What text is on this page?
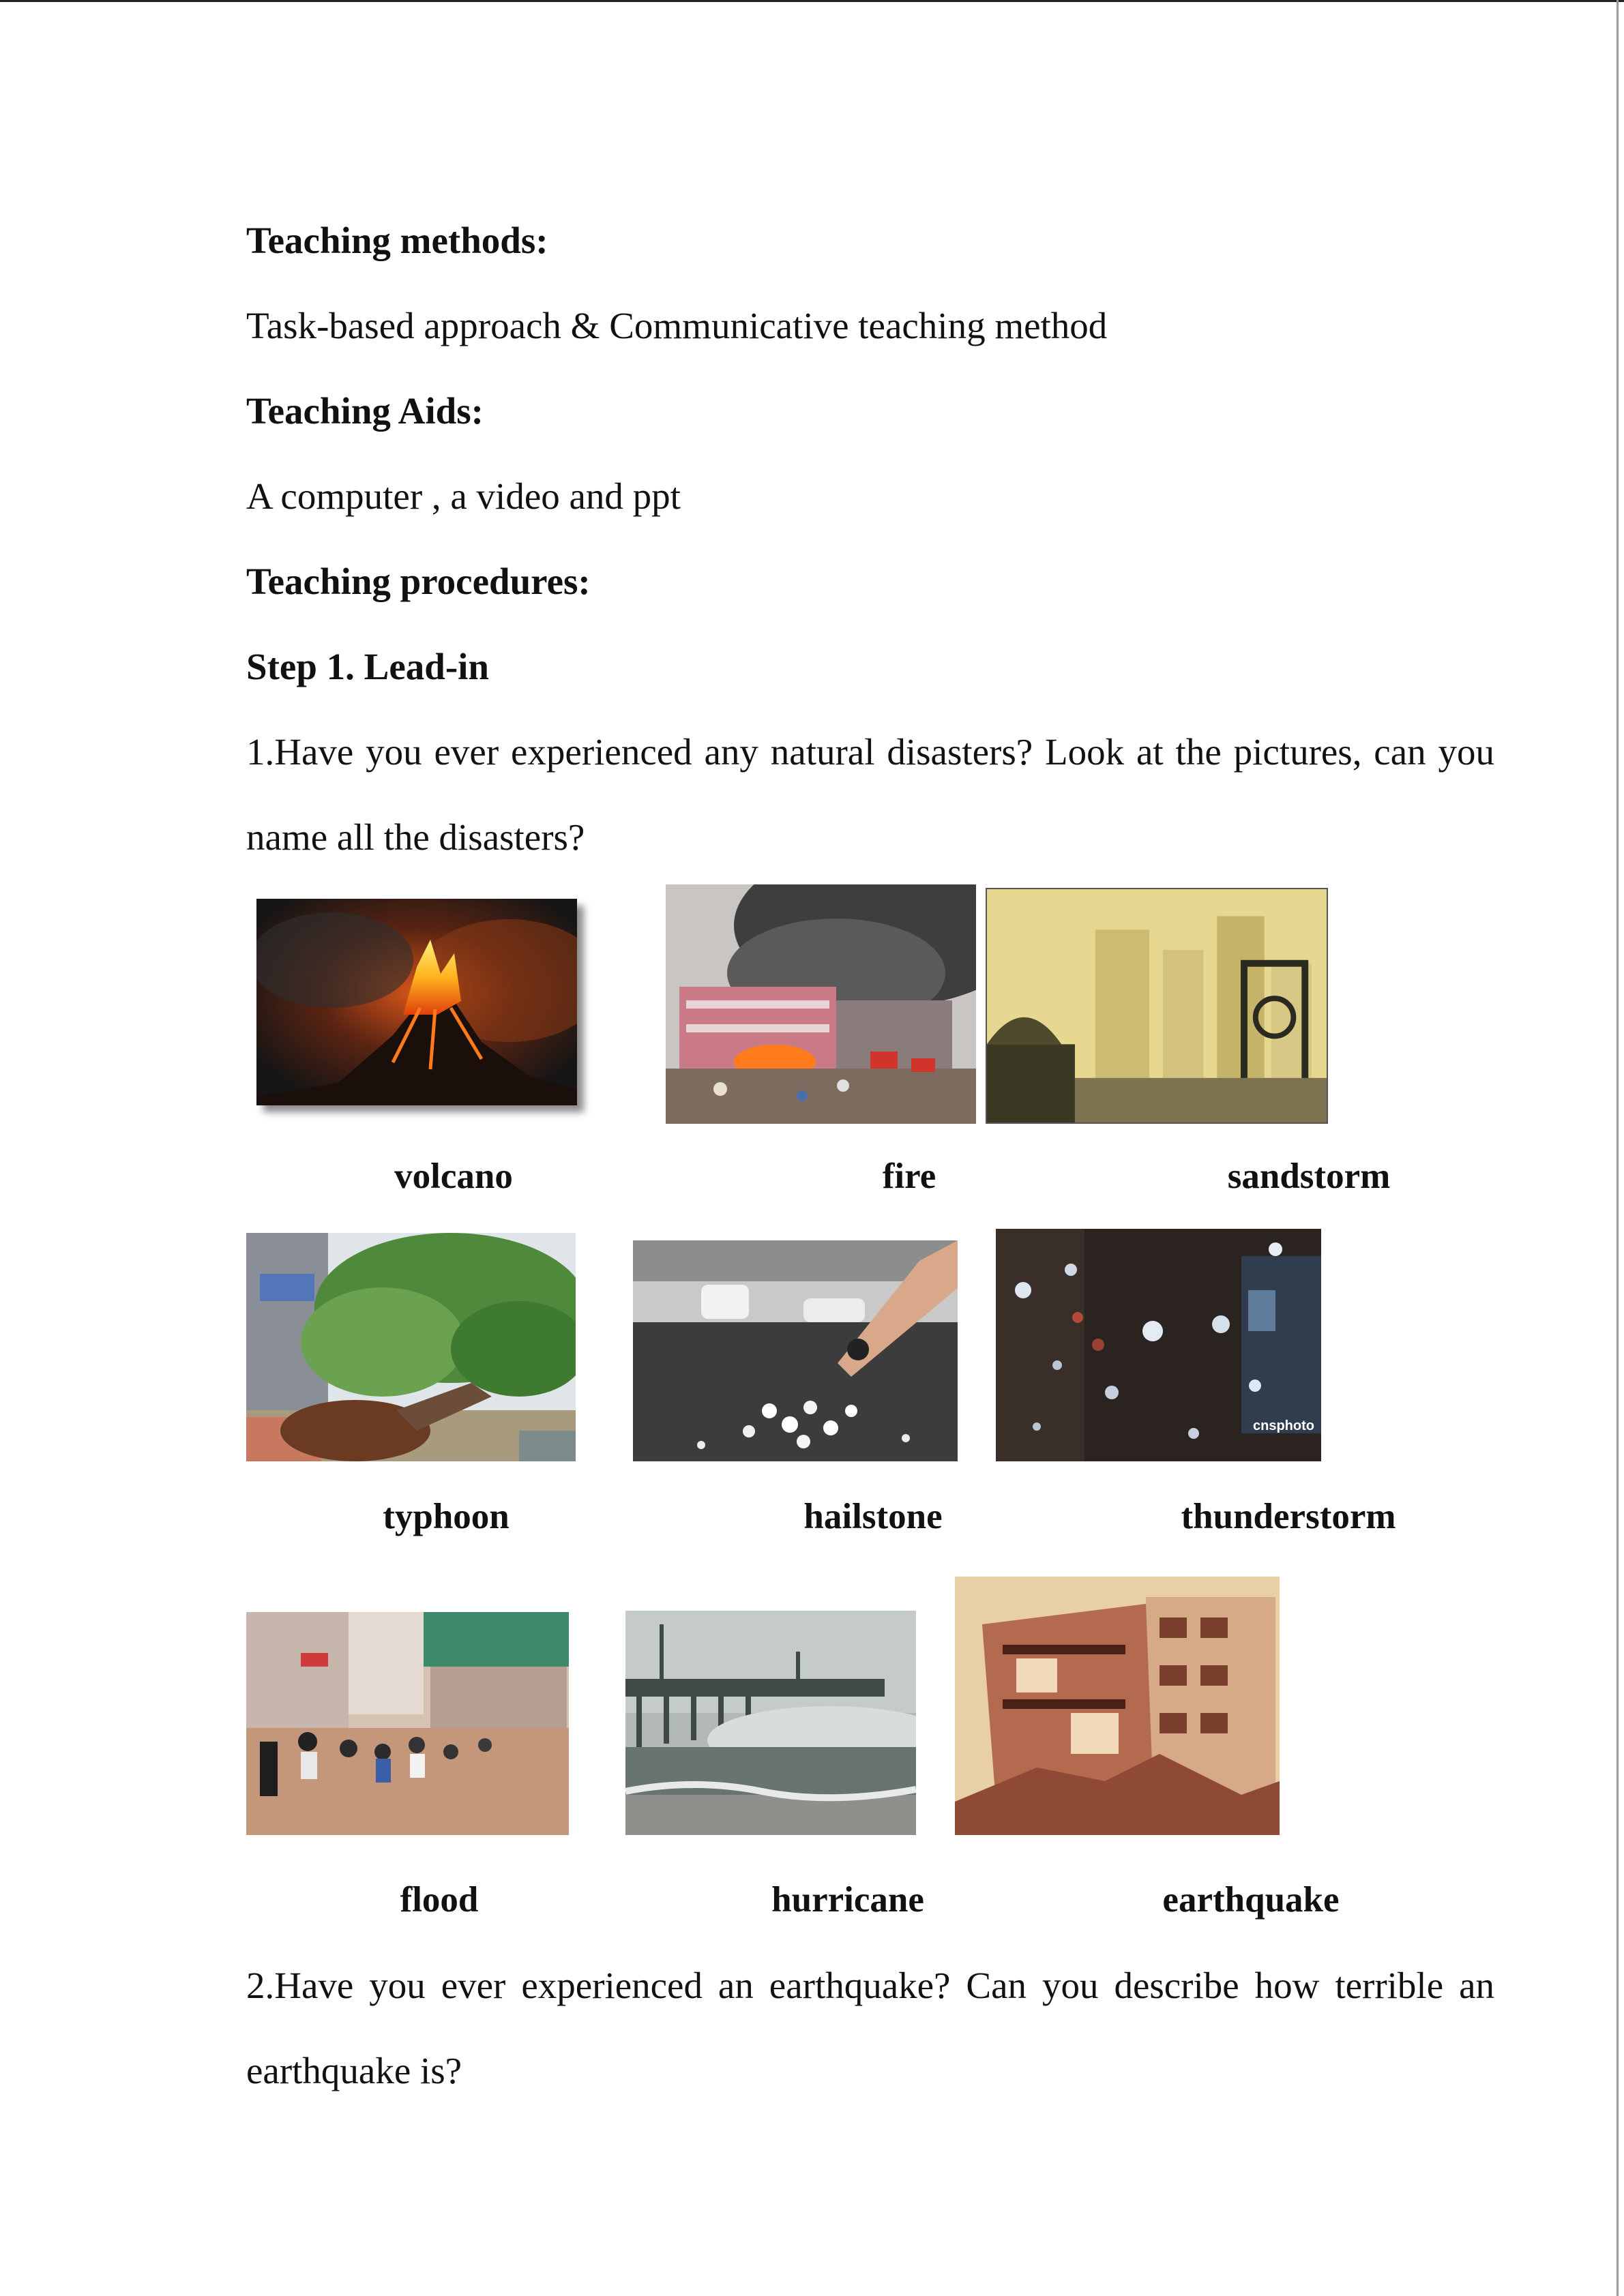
Teaching methods:
Task-based approach & Communicative teaching method
Teaching Aids:
A computer , a video and ppt
Teaching procedures:
Step 1. Lead-in
1.Have you ever experienced any natural disasters? Look at the pictures, can you
name all the disasters?
volcano	fire	sandstorm
cnsphoto
typhoon	hailstone	thunderstorm
flood	hurricane	earthquake
2.Have you ever experienced an earthquake? Can you describe how terrible an
earthquake is?
